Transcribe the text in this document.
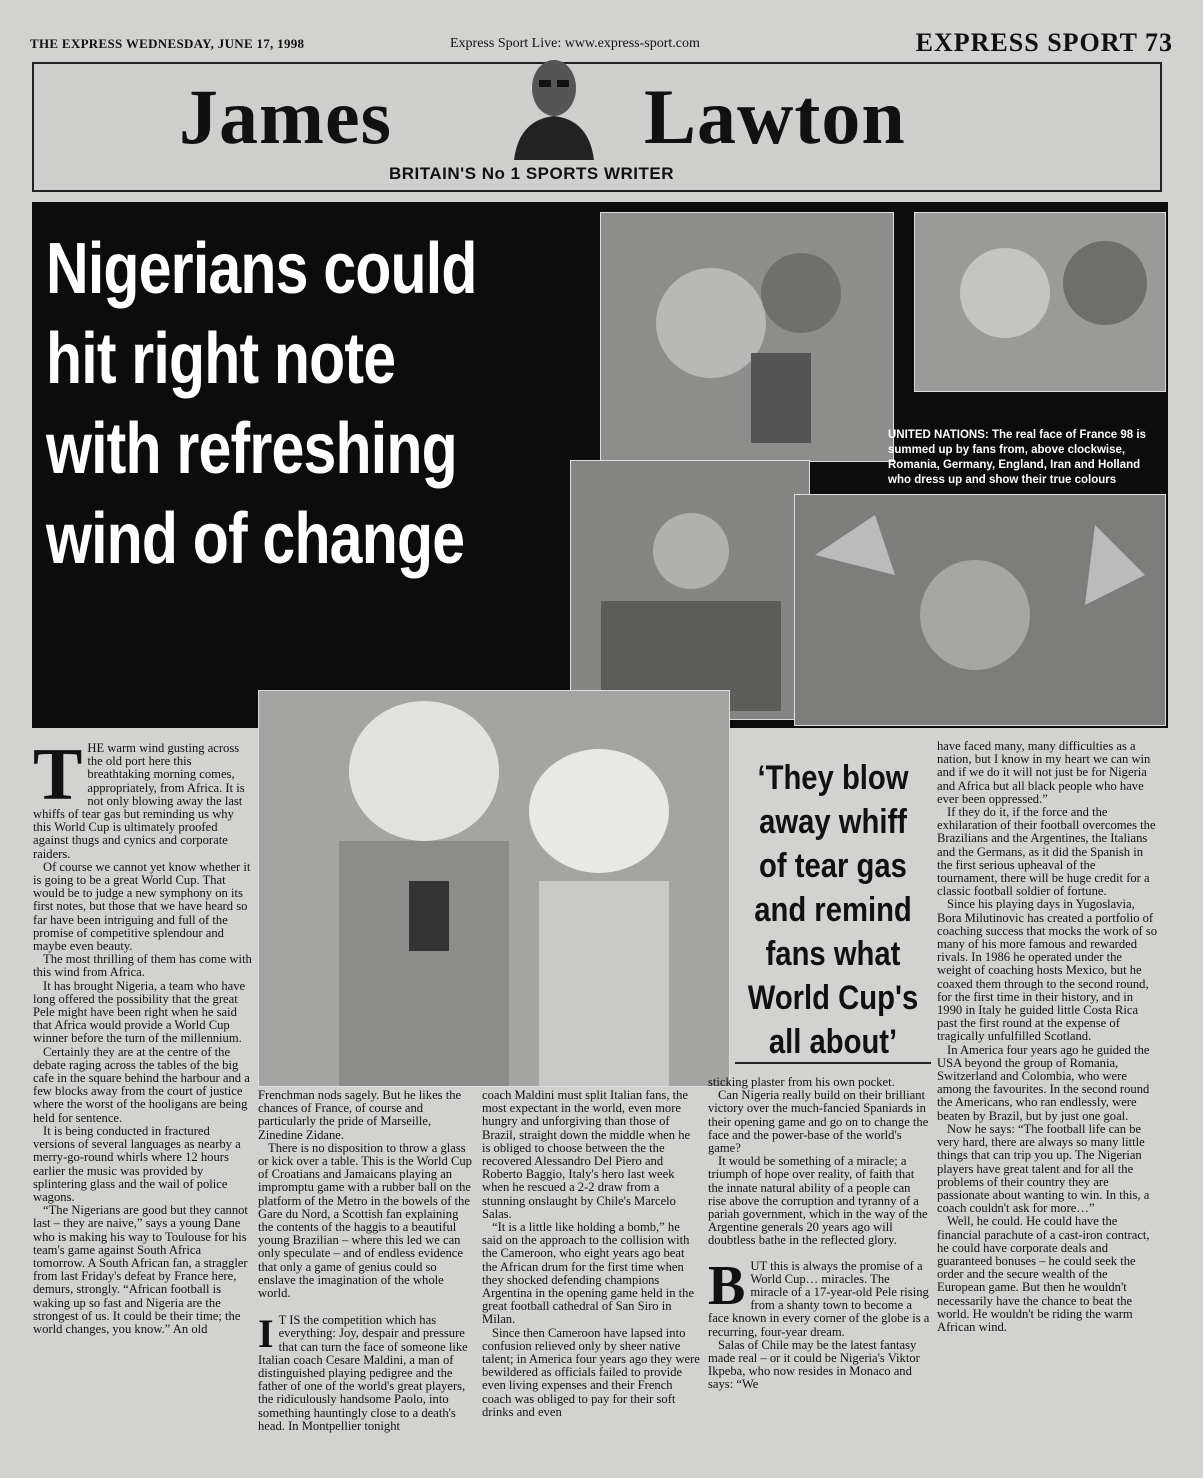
THE EXPRESS WEDNESDAY, JUNE 17, 1998	Express Sport Live: www.express-sport.com	EXPRESS SPORT 73
James	Lawton
BRITAIN'S No 1 SPORTS WRITER
Nigerians could hit right note with refreshing wind of change
UNITED NATIONS: The real face of France 98 is summed up by fans from, above clockwise, Romania, Germany, England, Iran and Holland who dress up and show their true colours
T HE warm wind gusting across the old port here this breathtaking morning comes, appropriately, from Africa. It is not only blowing away the last whiffs of tear gas but reminding us why this World Cup is ultimately proofed against thugs and cynics and corporate raiders.

Of course we cannot yet know whether it is going to be a great World Cup. That would be to judge a new symphony on its first notes, but those that we have heard so far have been intriguing and full of the promise of competitive splendour and maybe even beauty.

The most thrilling of them has come with this wind from Africa.

It has brought Nigeria, a team who have long offered the possibility that the great Pele might have been right when he said that Africa would provide a World Cup winner before the turn of the millennium.

Certainly they are at the centre of the debate raging across the tables of the big cafe in the square behind the harbour and a few blocks away from the court of justice where the worst of the hooligans are being held for sentence.

It is being conducted in fractured versions of several languages as nearby a merry-go-round whirls where 12 hours earlier the music was provided by splintering glass and the wail of police wagons.

“The Nigerians are good but they cannot last – they are naive,” says a young Dane who is making his way to Toulouse for his team's game against South Africa tomorrow. A South African fan, a straggler from last Friday's defeat by France here, demurs, strongly. “African football is waking up so fast and Nigeria are the strongest of us. It could be their time; the world changes, you know.” An old

Frenchman nods sagely. But he likes the chances of France, of course and particularly the pride of Marseille, Zinedine Zidane.

There is no disposition to throw a glass or kick over a table. This is the World Cup of Croatians and Jamaicans playing an impromptu game with a rubber ball on the platform of the Metro in the bowels of the Gare du Nord, a Scottish fan explaining the contents of the haggis to a beautiful young Brazilian – where this led we can only speculate – and of endless evidence that only a game of genius could so enslave the imagination of the whole world.

I T IS the competition which has everything: Joy, despair and pressure that can turn the face of someone like Italian coach Cesare Maldini, a man of distinguished playing pedigree and the father of one of the world's great players, the ridiculously handsome Paolo, into something hauntingly close to a death's head. In Montpellier tonight

coach Maldini must split Italian fans, the most expectant in the world, even more hungry and unforgiving than those of Brazil, straight down the middle when he is obliged to choose between the the recovered Alessandro Del Piero and Roberto Baggio, Italy's hero last week when he rescued a 2-2 draw from a stunning onslaught by Chile's Marcelo Salas.

“It is a little like holding a bomb,” he said on the approach to the collision with the Cameroon, who eight years ago beat the African drum for the first time when they shocked defending champions Argentina in the opening game held in the great football cathedral of San Siro in Milan.

Since then Cameroon have lapsed into confusion relieved only by sheer native talent; in America four years ago they were bewildered as officials failed to provide even living expenses and their French coach was obliged to pay for their soft drinks and even

‘They blow away whiff of tear gas and remind fans what World Cup's all about’

sticking plaster from his own pocket.

Can Nigeria really build on their brilliant victory over the much-fancied Spaniards in their opening game and go on to change the face and the power-base of the world's game?

It would be something of a miracle; a triumph of hope over reality, of faith that the innate natural ability of a people can rise above the corruption and tyranny of a pariah government, which in the way of the Argentine generals 20 years ago will doubtless bathe in the reflected glory.

B UT this is always the promise of a World Cup… miracles. The miracle of a 17-year-old Pele rising from a shanty town to become a face known in every corner of the globe is a recurring, four-year dream.

Salas of Chile may be the latest fantasy made real – or it could be Nigeria's Viktor Ikpeba, who now resides in Monaco and says: “We

have faced many, many difficulties as a nation, but I know in my heart we can win and if we do it will not just be for Nigeria and Africa but all black people who have ever been oppressed.”

If they do it, if the force and the exhilaration of their football overcomes the Brazilians and the Argentines, the Italians and the Germans, as it did the Spanish in the first serious upheaval of the tournament, there will be huge credit for a classic football soldier of fortune.

Since his playing days in Yugoslavia, Bora Milutinovic has created a portfolio of coaching success that mocks the work of so many of his more famous and rewarded rivals. In 1986 he operated under the weight of coaching hosts Mexico, but he coaxed them through to the second round, for the first time in their history, and in 1990 in Italy he guided little Costa Rica past the first round at the expense of tragically unfulfilled Scotland.

In America four years ago he guided the USA beyond the group of Romania, Switzerland and Colombia, who were among the favourites. In the second round the Americans, who ran endlessly, were beaten by Brazil, but by just one goal.

Now he says: “The football life can be very hard, there are always so many little things that can trip you up. The Nigerian players have great talent and for all the problems of their country they are passionate about wanting to win. In this, a coach couldn't ask for more…”

Well, he could. He could have the financial parachute of a cast-iron contract, he could have corporate deals and guaranteed bonuses – he could seek the order and the secure wealth of the European game. But then he wouldn't necessarily have the chance to beat the world. He wouldn't be riding the warm African wind.
